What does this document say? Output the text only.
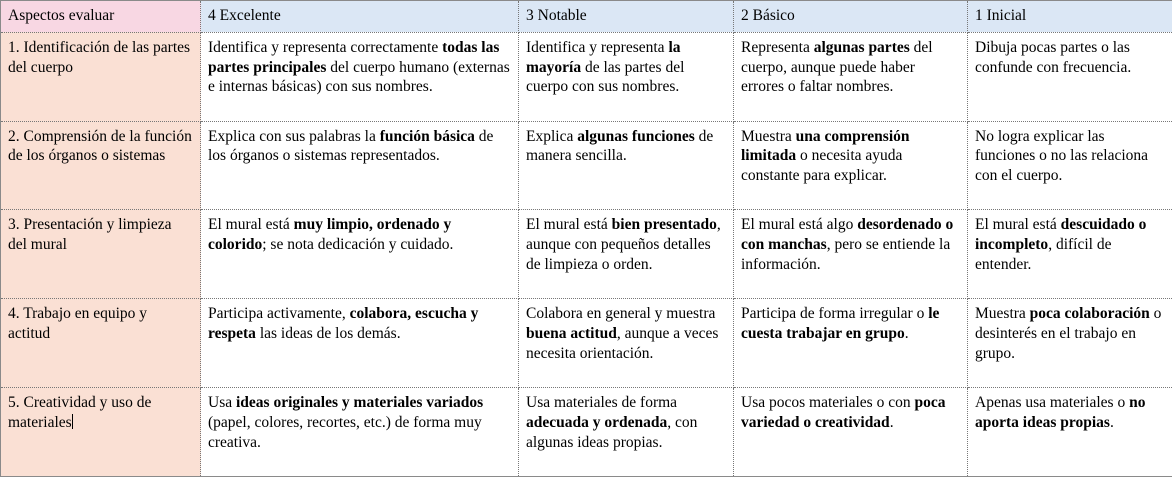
Aspectos evaluar	4 Excelente	3 Notable	2 Básico	1 Inicial
1. Identificación de las partes del cuerpo	Identifica y representa correctamente todas las partes principales del cuerpo humano (externas e internas básicas) con sus nombres.	Identifica y representa la mayoría de las partes del cuerpo con sus nombres.	Representa algunas partes del cuerpo, aunque puede haber errores o faltar nombres.	Dibuja pocas partes o las confunde con frecuencia.
2. Comprensión de la función de los órganos o sistemas	Explica con sus palabras la función básica de los órganos o sistemas representados.	Explica algunas funciones de manera sencilla.	Muestra una comprensión limitada o necesita ayuda constante para explicar.	No logra explicar las funciones o no las relaciona con el cuerpo.
3. Presentación y limpieza del mural	El mural está muy limpio, ordenado y colorido; se nota dedicación y cuidado.	El mural está bien presentado, aunque con pequeños detalles de limpieza o orden.	El mural está algo desordenado o con manchas, pero se entiende la información.	El mural está descuidado o incompleto, difícil de entender.
4. Trabajo en equipo y actitud	Participa activamente, colabora, escucha y respeta las ideas de los demás.	Colabora en general y muestra buena actitud, aunque a veces necesita orientación.	Participa de forma irregular o le cuesta trabajar en grupo.	Muestra poca colaboración o desinterés en el trabajo en grupo.
5. Creatividad y uso de materiales	Usa ideas originales y materiales variados (papel, colores, recortes, etc.) de forma muy creativa.	Usa materiales de forma adecuada y ordenada, con algunas ideas propias.	Usa pocos materiales o con poca variedad o creatividad.	Apenas usa materiales o no aporta ideas propias.
